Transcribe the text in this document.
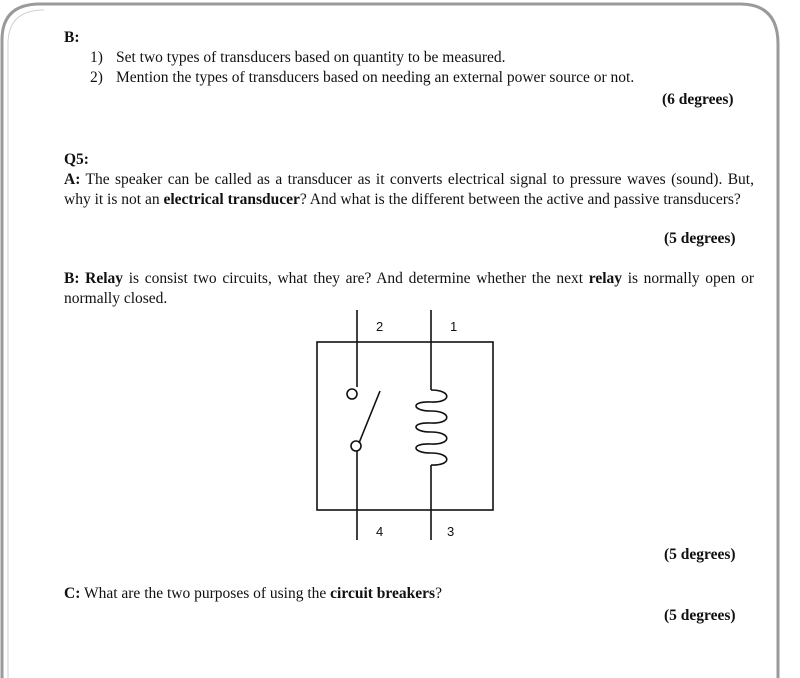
B:
1) Set two types of transducers based on quantity to be measured.
2) Mention the types of transducers based on needing an external power source or not.
(6 degrees)
Q5:
A: The speaker can be called as a transducer as it converts electrical signal to pressure waves (sound). But, why it is not an electrical transducer? And what is the different between the active and passive transducers?
(5 degrees)
B: Relay is consist two circuits, what they are? And determine whether the next relay is normally open or normally closed.
2	1
4	3
(5 degrees)
C: What are the two purposes of using the circuit breakers?
(5 degrees)
